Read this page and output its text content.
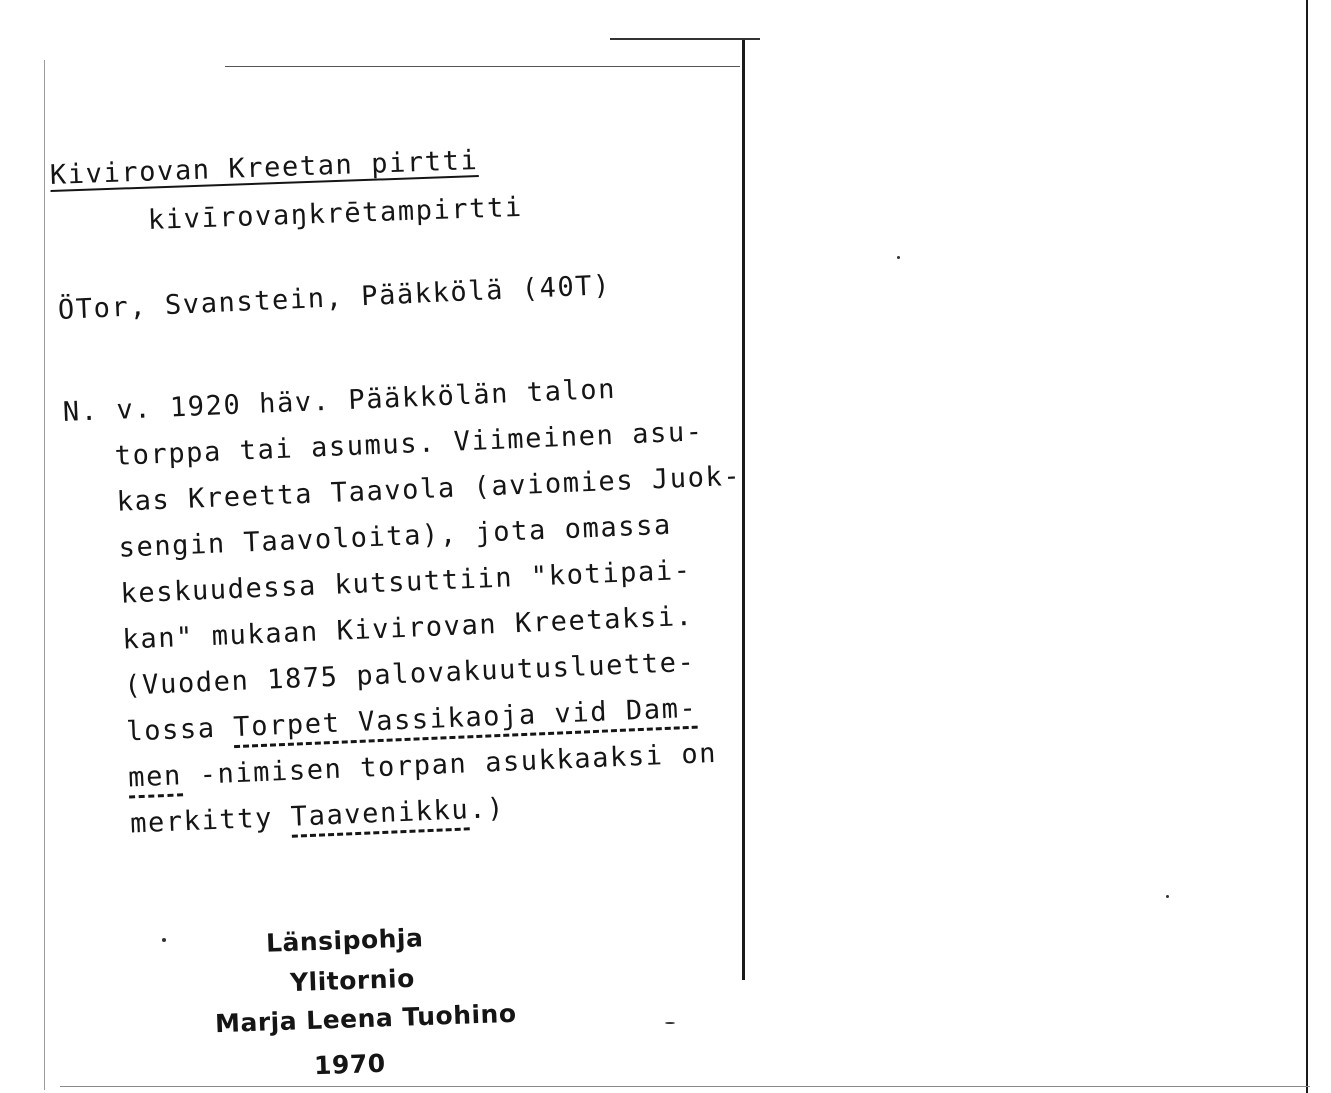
Kivirovan Kreetan pirtti
kivīrovaŋkrētampirtti
ÖTor, Svanstein, Pääkkölä (40T)
N. v. 1920 häv. Pääkkölän talon
torppa tai asumus. Viimeinen asu-
kas Kreetta Taavola (aviomies Juok-
sengin Taavoloita), jota omassa
keskuudessa kutsuttiin "kotipai-
kan" mukaan Kivirovan Kreetaksi.
(Vuoden 1875 palovakuutusluette-
lossa Torpet Vassikaoja vid Dam-
men -nimisen torpan asukkaaksi on
merkitty Taavenikku.)
Länsipohja
Ylitornio
Marja Leena Tuohino
1970
